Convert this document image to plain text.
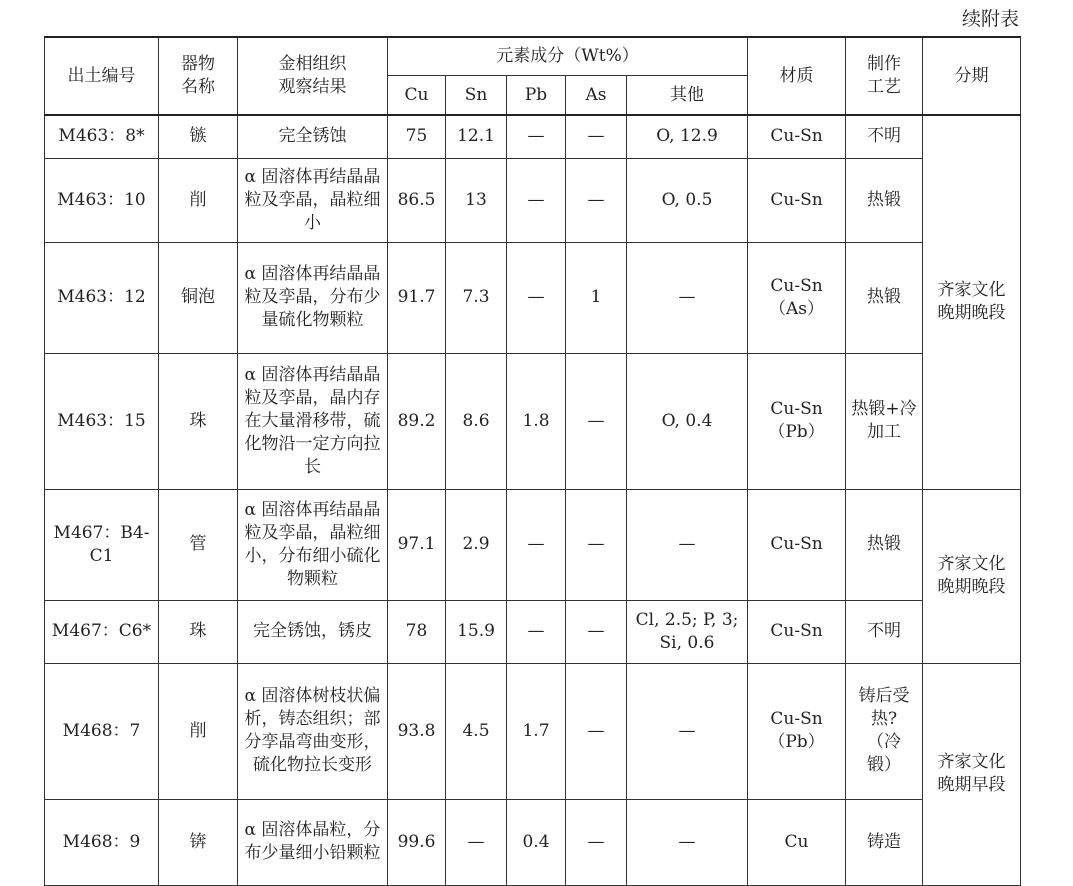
续附表
出土编号	器物名称	金相组织观察结果	元素成分（Wt%）					材质	制作工艺	分期
			Cu	Sn	Pb	As	其他			
M463：8*	镞	完全锈蚀	75	12.1	—	—	O, 12.9	Cu-Sn	不明	齐家文化晚期晚段

M463：10	削	α 固溶体再结晶晶粒及孪晶，晶粒细小	86.5	13	—	—	O, 0.5	Cu-Sn	热锻	
M463：12	铜泡	α 固溶体再结晶晶粒及孪晶，分布少量硫化物颗粒	91.7	7.3	—	1	—	Cu-Sn（As）	热锻	
M463：15	珠	α 固溶体再结晶晶粒及孪晶，晶内存在大量滑移带，硫化物沿一定方向拉长	89.2	8.6	1.8	—	O, 0.4	Cu-Sn（Pb）	热锻+冷加工	
M467：B4-C1	管	α 固溶体再结晶晶粒及孪晶，晶粒细小，分布细小硫化物颗粒	97.1	2.9	—	—	—	Cu-Sn	热锻	齐家文化晚期晚段

M467：C6*	珠	完全锈蚀，锈皮	78	15.9	—	—	Cl, 2.5; P, 3; Si, 0.6	Cu-Sn	不明	
M468：7	削	α 固溶体树枝状偏析，铸态组织；部分孪晶弯曲变形，硫化物拉长变形	93.8	4.5	1.7	—	—	Cu-Sn（Pb）	铸后受热?（冷锻）	齐家文化晚期早段

M468：9	锛	α 固溶体晶粒，分布少量细小铅颗粒	99.6	—	0.4	—	—	Cu	铸造	
